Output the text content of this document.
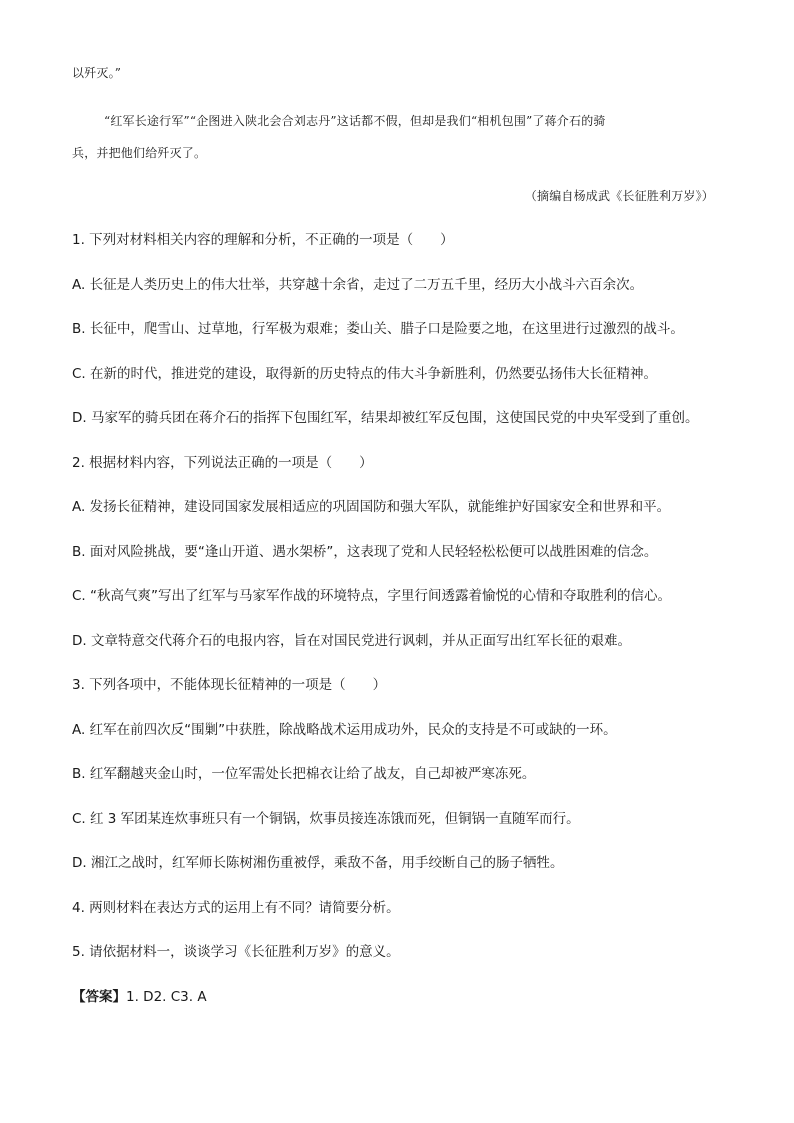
以歼灭。”
“红军长途行军”“企图进入陕北会合刘志丹”这话都不假，但却是我们“相机包围”了蒋介石的骑
兵，并把他们给歼灭了。
（摘编自杨成武《长征胜利万岁》）
1. 下列对材料相关内容的理解和分析，不正确的一项是（　　）
A. 长征是人类历史上的伟大壮举，共穿越十余省，走过了二万五千里，经历大小战斗六百余次。
B. 长征中，爬雪山、过草地，行军极为艰难；娄山关、腊子口是险要之地，在这里进行过激烈的战斗。
C. 在新的时代，推进党的建设，取得新的历史特点的伟大斗争新胜利，仍然要弘扬伟大长征精神。
D. 马家军的骑兵团在蒋介石的指挥下包围红军，结果却被红军反包围，这使国民党的中央军受到了重创。
2. 根据材料内容，下列说法正确的一项是（　　）
A. 发扬长征精神，建设同国家发展相适应的巩固国防和强大军队，就能维护好国家安全和世界和平。
B. 面对风险挑战，要“逢山开道、遇水架桥”，这表现了党和人民轻轻松松便可以战胜困难的信念。
C. “秋高气爽”写出了红军与马家军作战的环境特点，字里行间透露着愉悦的心情和夺取胜利的信心。
D. 文章特意交代蒋介石的电报内容，旨在对国民党进行讽刺，并从正面写出红军长征的艰难。
3. 下列各项中，不能体现长征精神的一项是（　　）
A. 红军在前四次反“围剿”中获胜，除战略战术运用成功外，民众的支持是不可或缺的一环。
B. 红军翻越夹金山时，一位军需处长把棉衣让给了战友，自己却被严寒冻死。
C. 红 3 军团某连炊事班只有一个铜锅，炊事员接连冻饿而死，但铜锅一直随军而行。
D. 湘江之战时，红军师长陈树湘伤重被俘，乘敌不备，用手绞断自己的肠子牺牲。
4. 两则材料在表达方式的运用上有不同？请简要分析。
5. 请依据材料一，谈谈学习《长征胜利万岁》的意义。
【答案】1. D2. C3. A
